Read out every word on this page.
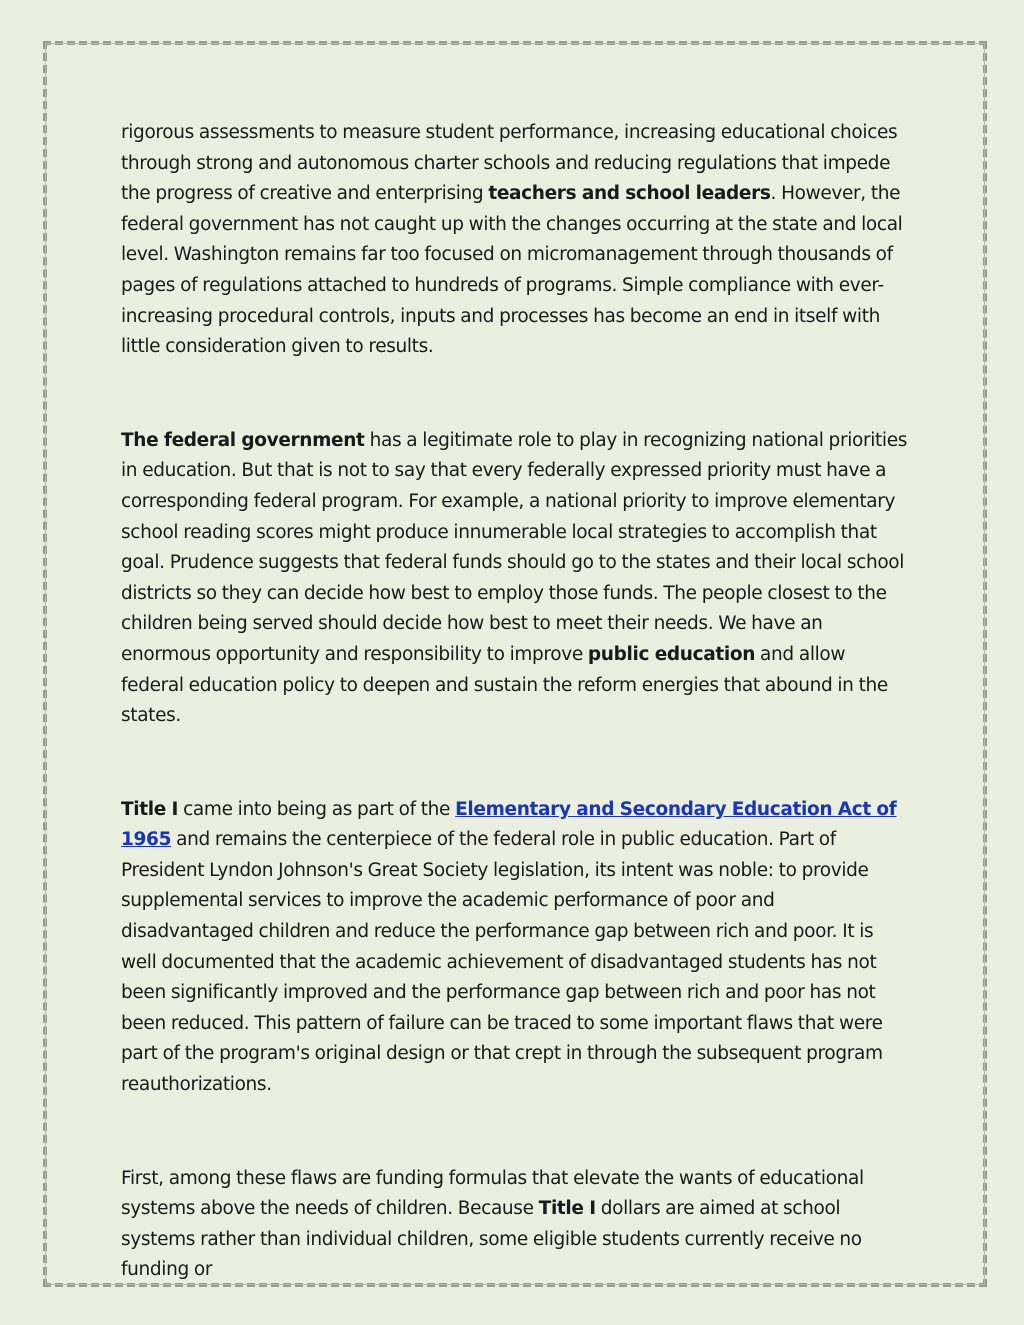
rigorous assessments to measure student performance, increasing educational choices through strong and autonomous charter schools and reducing regulations that impede the progress of creative and enterprising teachers and school leaders. However, the federal government has not caught up with the changes occurring at the state and local level. Washington remains far too focused on micromanagement through thousands of pages of regulations attached to hundreds of programs. Simple compliance with ever-increasing procedural controls, inputs and processes has become an end in itself with little consideration given to results.

The federal government has a legitimate role to play in recognizing national priorities in education. But that is not to say that every federally expressed priority must have a corresponding federal program. For example, a national priority to improve elementary school reading scores might produce innumerable local strategies to accomplish that goal. Prudence suggests that federal funds should go to the states and their local school districts so they can decide how best to employ those funds. The people closest to the children being served should decide how best to meet their needs. We have an enormous opportunity and responsibility to improve public education and allow federal education policy to deepen and sustain the reform energies that abound in the states.

Title I came into being as part of the Elementary and Secondary Education Act of 1965 and remains the centerpiece of the federal role in public education. Part of President Lyndon Johnson's Great Society legislation, its intent was noble: to provide supplemental services to improve the academic performance of poor and disadvantaged children and reduce the performance gap between rich and poor. It is well documented that the academic achievement of disadvantaged students has not been significantly improved and the performance gap between rich and poor has not been reduced. This pattern of failure can be traced to some important flaws that were part of the program's original design or that crept in through the subsequent program reauthorizations.

First, among these flaws are funding formulas that elevate the wants of educational systems above the needs of children. Because Title I dollars are aimed at school systems rather than individual children, some eligible students currently receive no funding or
